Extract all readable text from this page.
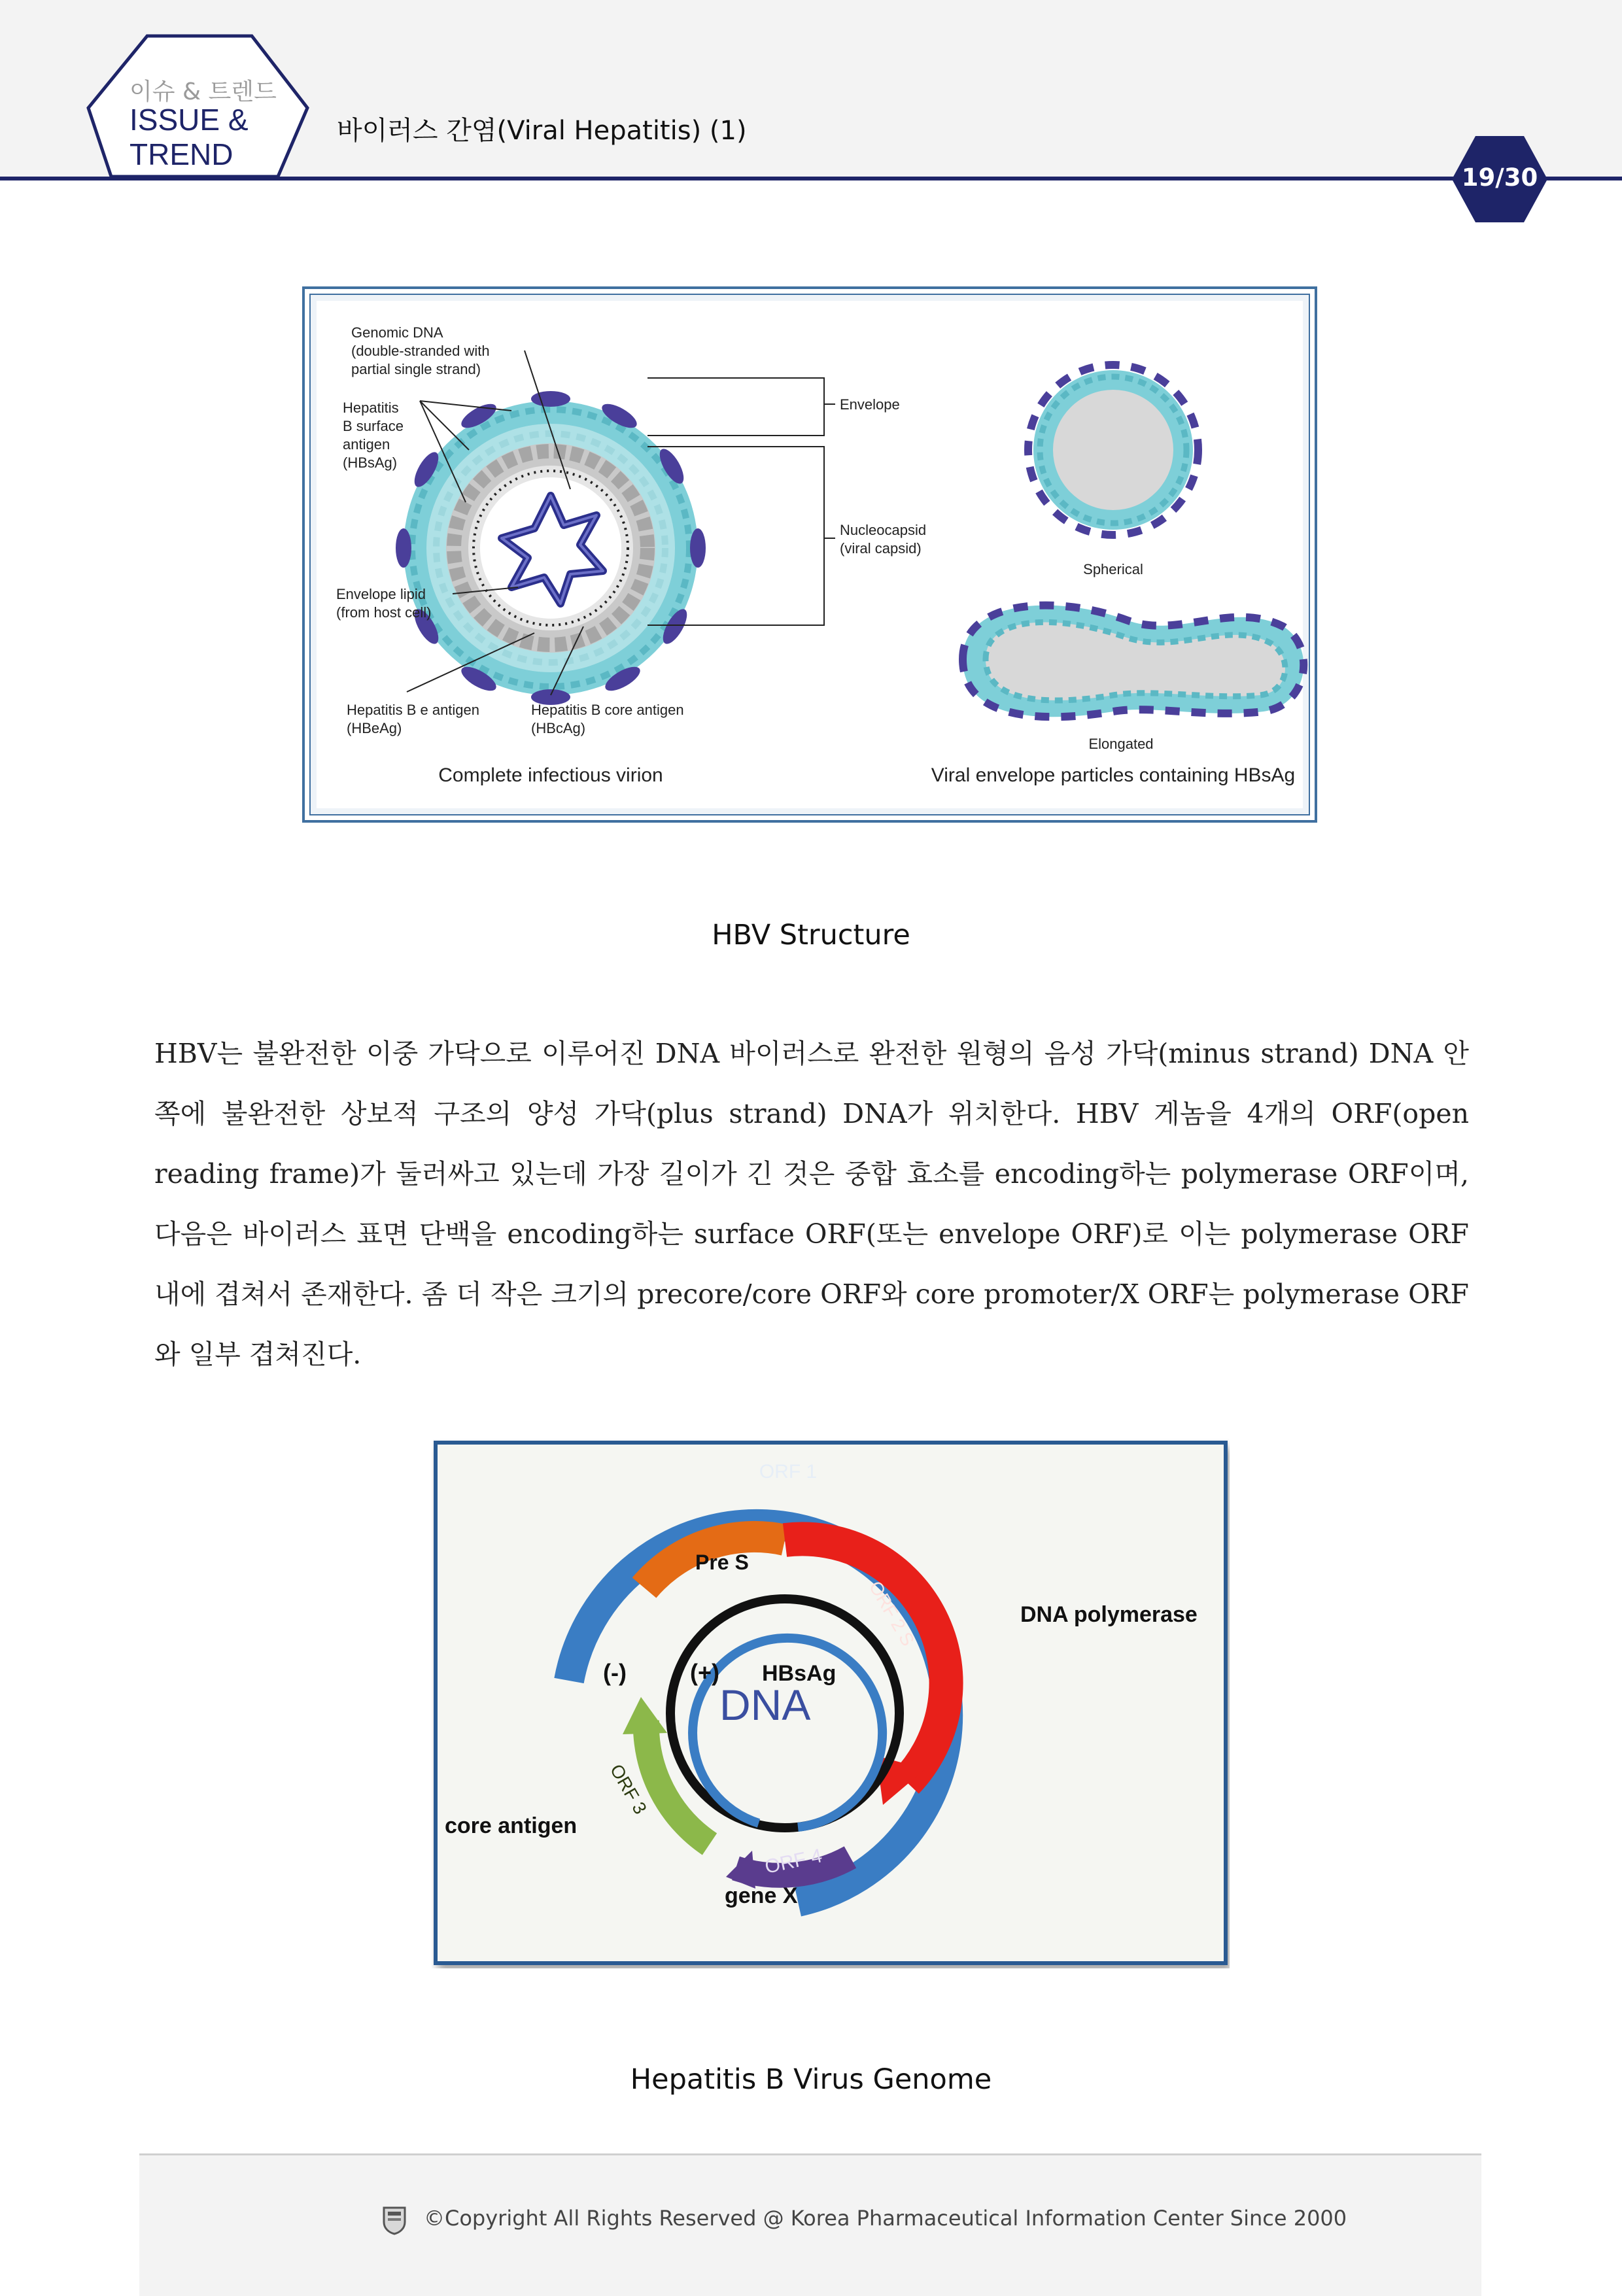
이슈 & 트렌드
ISSUE &
TREND
바이러스 간염(Viral Hepatitis) (1)
19/30
Genomic DNA
(double-stranded with
partial single strand)
Hepatitis
B surface
antigen
(HBsAg)
Envelope lipid
(from host cell)
Hepatitis B e antigen
(HBeAg)
Hepatitis B core antigen
(HBcAg)
Envelope
Nucleocapsid
(viral capsid)
Spherical
Elongated
Complete infectious virion	Viral envelope particles containing HBsAg
HBV Structure
HBV는 불완전한 이중 가닥으로 이루어진 DNA 바이러스로 완전한 원형의 음성 가닥(minus strand) DNA 안쪽에 불완전한 상보적 구조의 양성 가닥(plus strand) DNA가 위치한다. HBV 게놈을 4개의 ORF(open reading frame)가 둘러싸고 있는데 가장 길이가 긴 것은 중합 효소를 encoding하는 polymerase ORF이며, 다음은 바이러스 표면 단백을 encoding하는 surface ORF(또는 envelope ORF)로 이는 polymerase ORF 내에 겹쳐서 존재한다. 좀 더 작은 크기의 precore/core ORF와 core promoter/X ORF는 polymerase ORF와 일부 겹쳐진다.
ORF 1
Pre S
ORF 2 S	DNA polymerase
(-)	(+) HBsAg
DNA
ORF 3
core antigen
ORF 4
gene X
Hepatitis B Virus Genome
©Copyright All Rights Reserved @ Korea Pharmaceutical Information Center Since 2000
